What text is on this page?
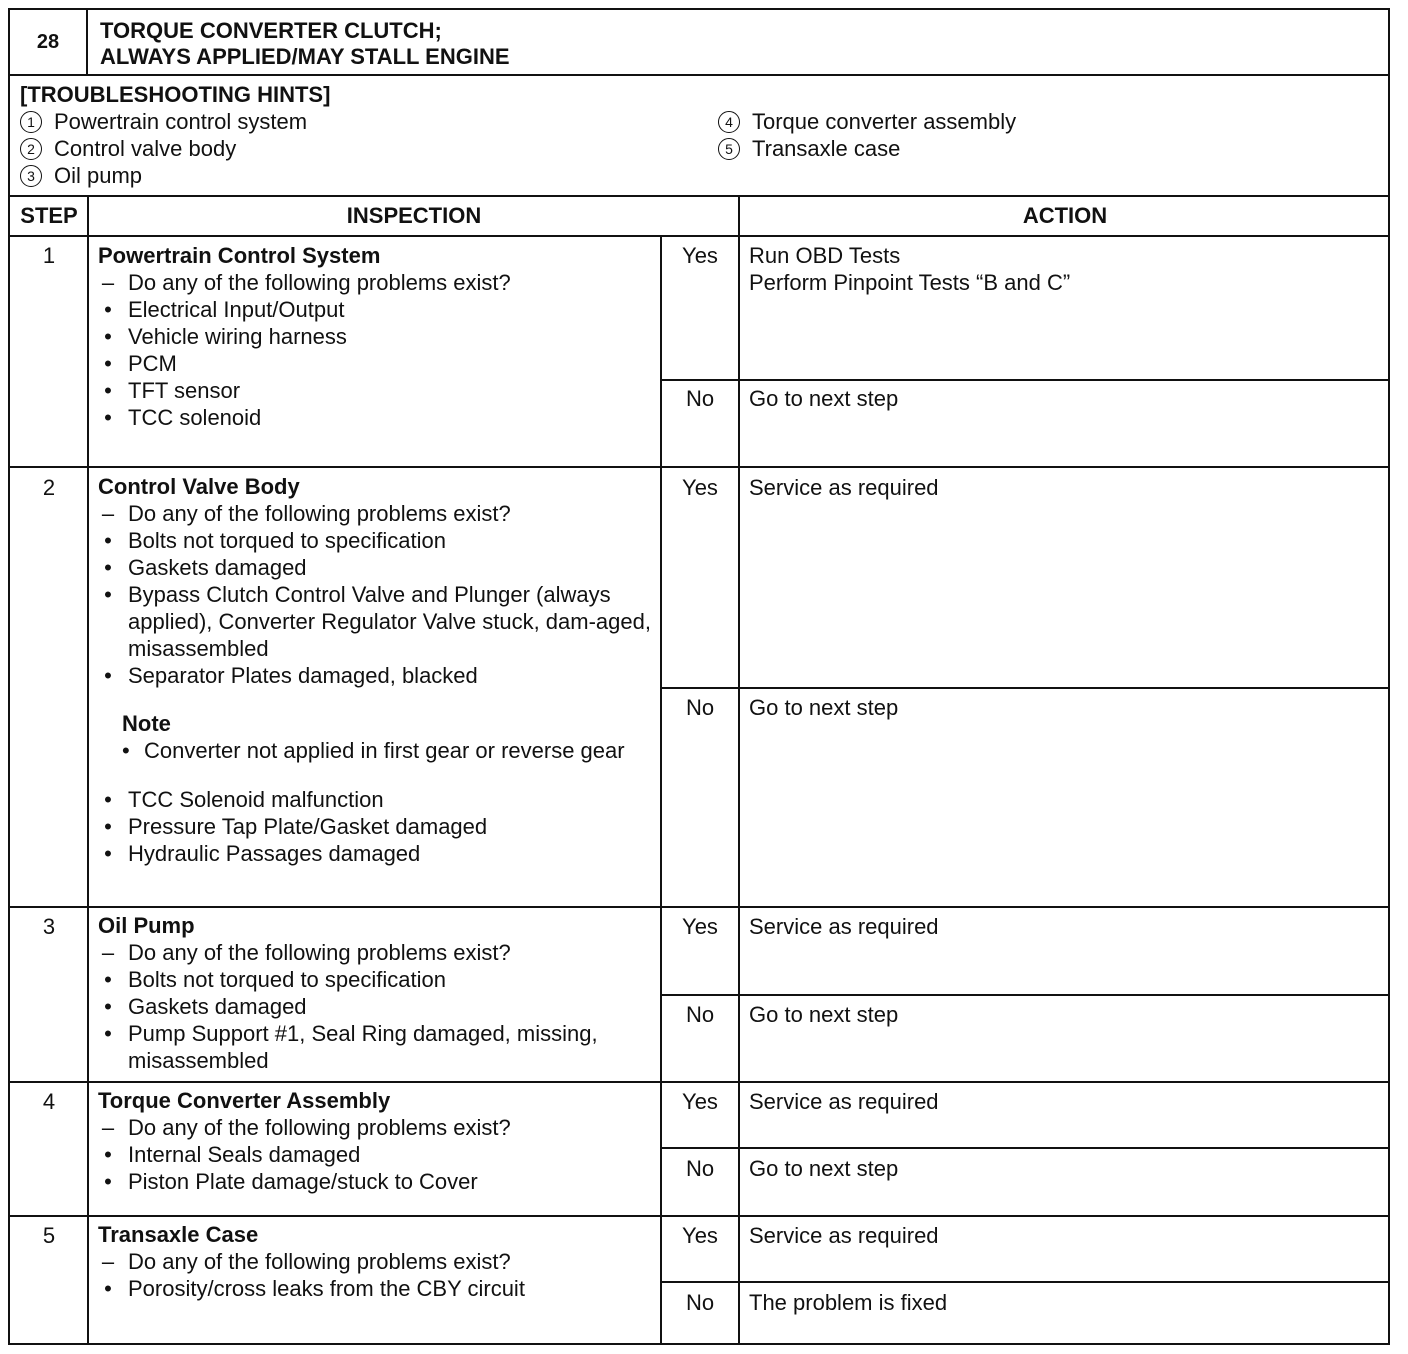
28	TORQUE CONVERTER CLUTCH;
ALWAYS APPLIED/MAY STALL ENGINE
[TROUBLESHOOTING HINTS]
1 Powertrain control system
2 Control valve body
3 Oil pump
4 Torque converter assembly
5 Transaxle case
STEP	INSPECTION	ACTION
1	Powertrain Control System
– Do any of the following problems exist?
• Electrical Input/Output
• Vehicle wiring harness
• PCM
• TFT sensor
• TCC solenoid
Yes	Run OBD Tests
Perform Pinpoint Tests “B and C”
No	Go to next step
2	Control Valve Body
– Do any of the following problems exist?
• Bolts not torqued to specification
• Gaskets damaged
• Bypass Clutch Control Valve and Plunger (always applied), Converter Regulator Valve stuck, dam-aged, misassembled
• Separator Plates damaged, blacked
Note
• Converter not applied in first gear or reverse gear
• TCC Solenoid malfunction
• Pressure Tap Plate/Gasket damaged
• Hydraulic Passages damaged
Yes	Service as required
No	Go to next step
3	Oil Pump
– Do any of the following problems exist?
• Bolts not torqued to specification
• Gaskets damaged
• Pump Support #1, Seal Ring damaged, missing, misassembled
Yes	Service as required
No	Go to next step
4	Torque Converter Assembly
– Do any of the following problems exist?
• Internal Seals damaged
• Piston Plate damage/stuck to Cover
Yes	Service as required
No	Go to next step
5	Transaxle Case
– Do any of the following problems exist?
• Porosity/cross leaks from the CBY circuit
Yes	Service as required
No	The problem is fixed
